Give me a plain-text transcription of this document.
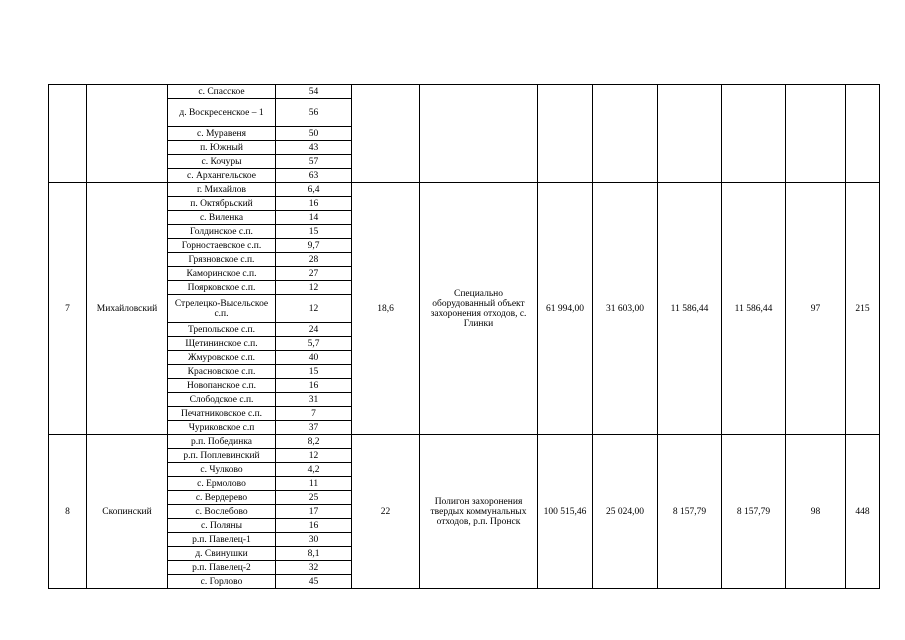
		с. Спасское	54								
		д. Воскресенское – 1	56								
		с. Муравеня	50								
		п. Южный	43								
		с. Кочуры	57								
		с. Архангельское	63								
7	Михайловский	г. Михайлов	6,4	18,6	Специально оборудованный объект захоронения отходов, с. Глинки	61 994,00	31 603,00	11 586,44	11 586,44	97	215
		п. Октябрьский	16								
		с. Виленка	14								
		Голдинское с.п.	15								
		Горностаевское с.п.	9,7								
		Грязновское с.п.	28								
		Каморинское с.п.	27								
		Поярковское с.п.	12								
		Стрелецко-Высельское с.п.	12								
		Трепольское с.п.	24								
		Щетининское с.п.	5,7								
		Жмуровское с.п.	40								
		Красновское с.п.	15								
		Новопанское с.п.	16								
		Слободское с.п.	31								
		Печатниковское с.п.	7								
		Чуриковское с.п	37								
8	Скопинский	р.п. Побединка	8,2	22	Полигон захоронения твердых коммунальных отходов, р.п. Пронск	100 515,46	25 024,00	8 157,79	8 157,79	98	448
		р.п. Поплевинский	12								
		с. Чулково	4,2								
		с. Ермолово	11								
		с. Вердерево	25								
		с. Вослебово	17								
		с. Поляны	16								
		р.п. Павелец-1	30								
		д. Свинушки	8,1								
		р.п. Павелец-2	32								
		с. Горлово	45								
